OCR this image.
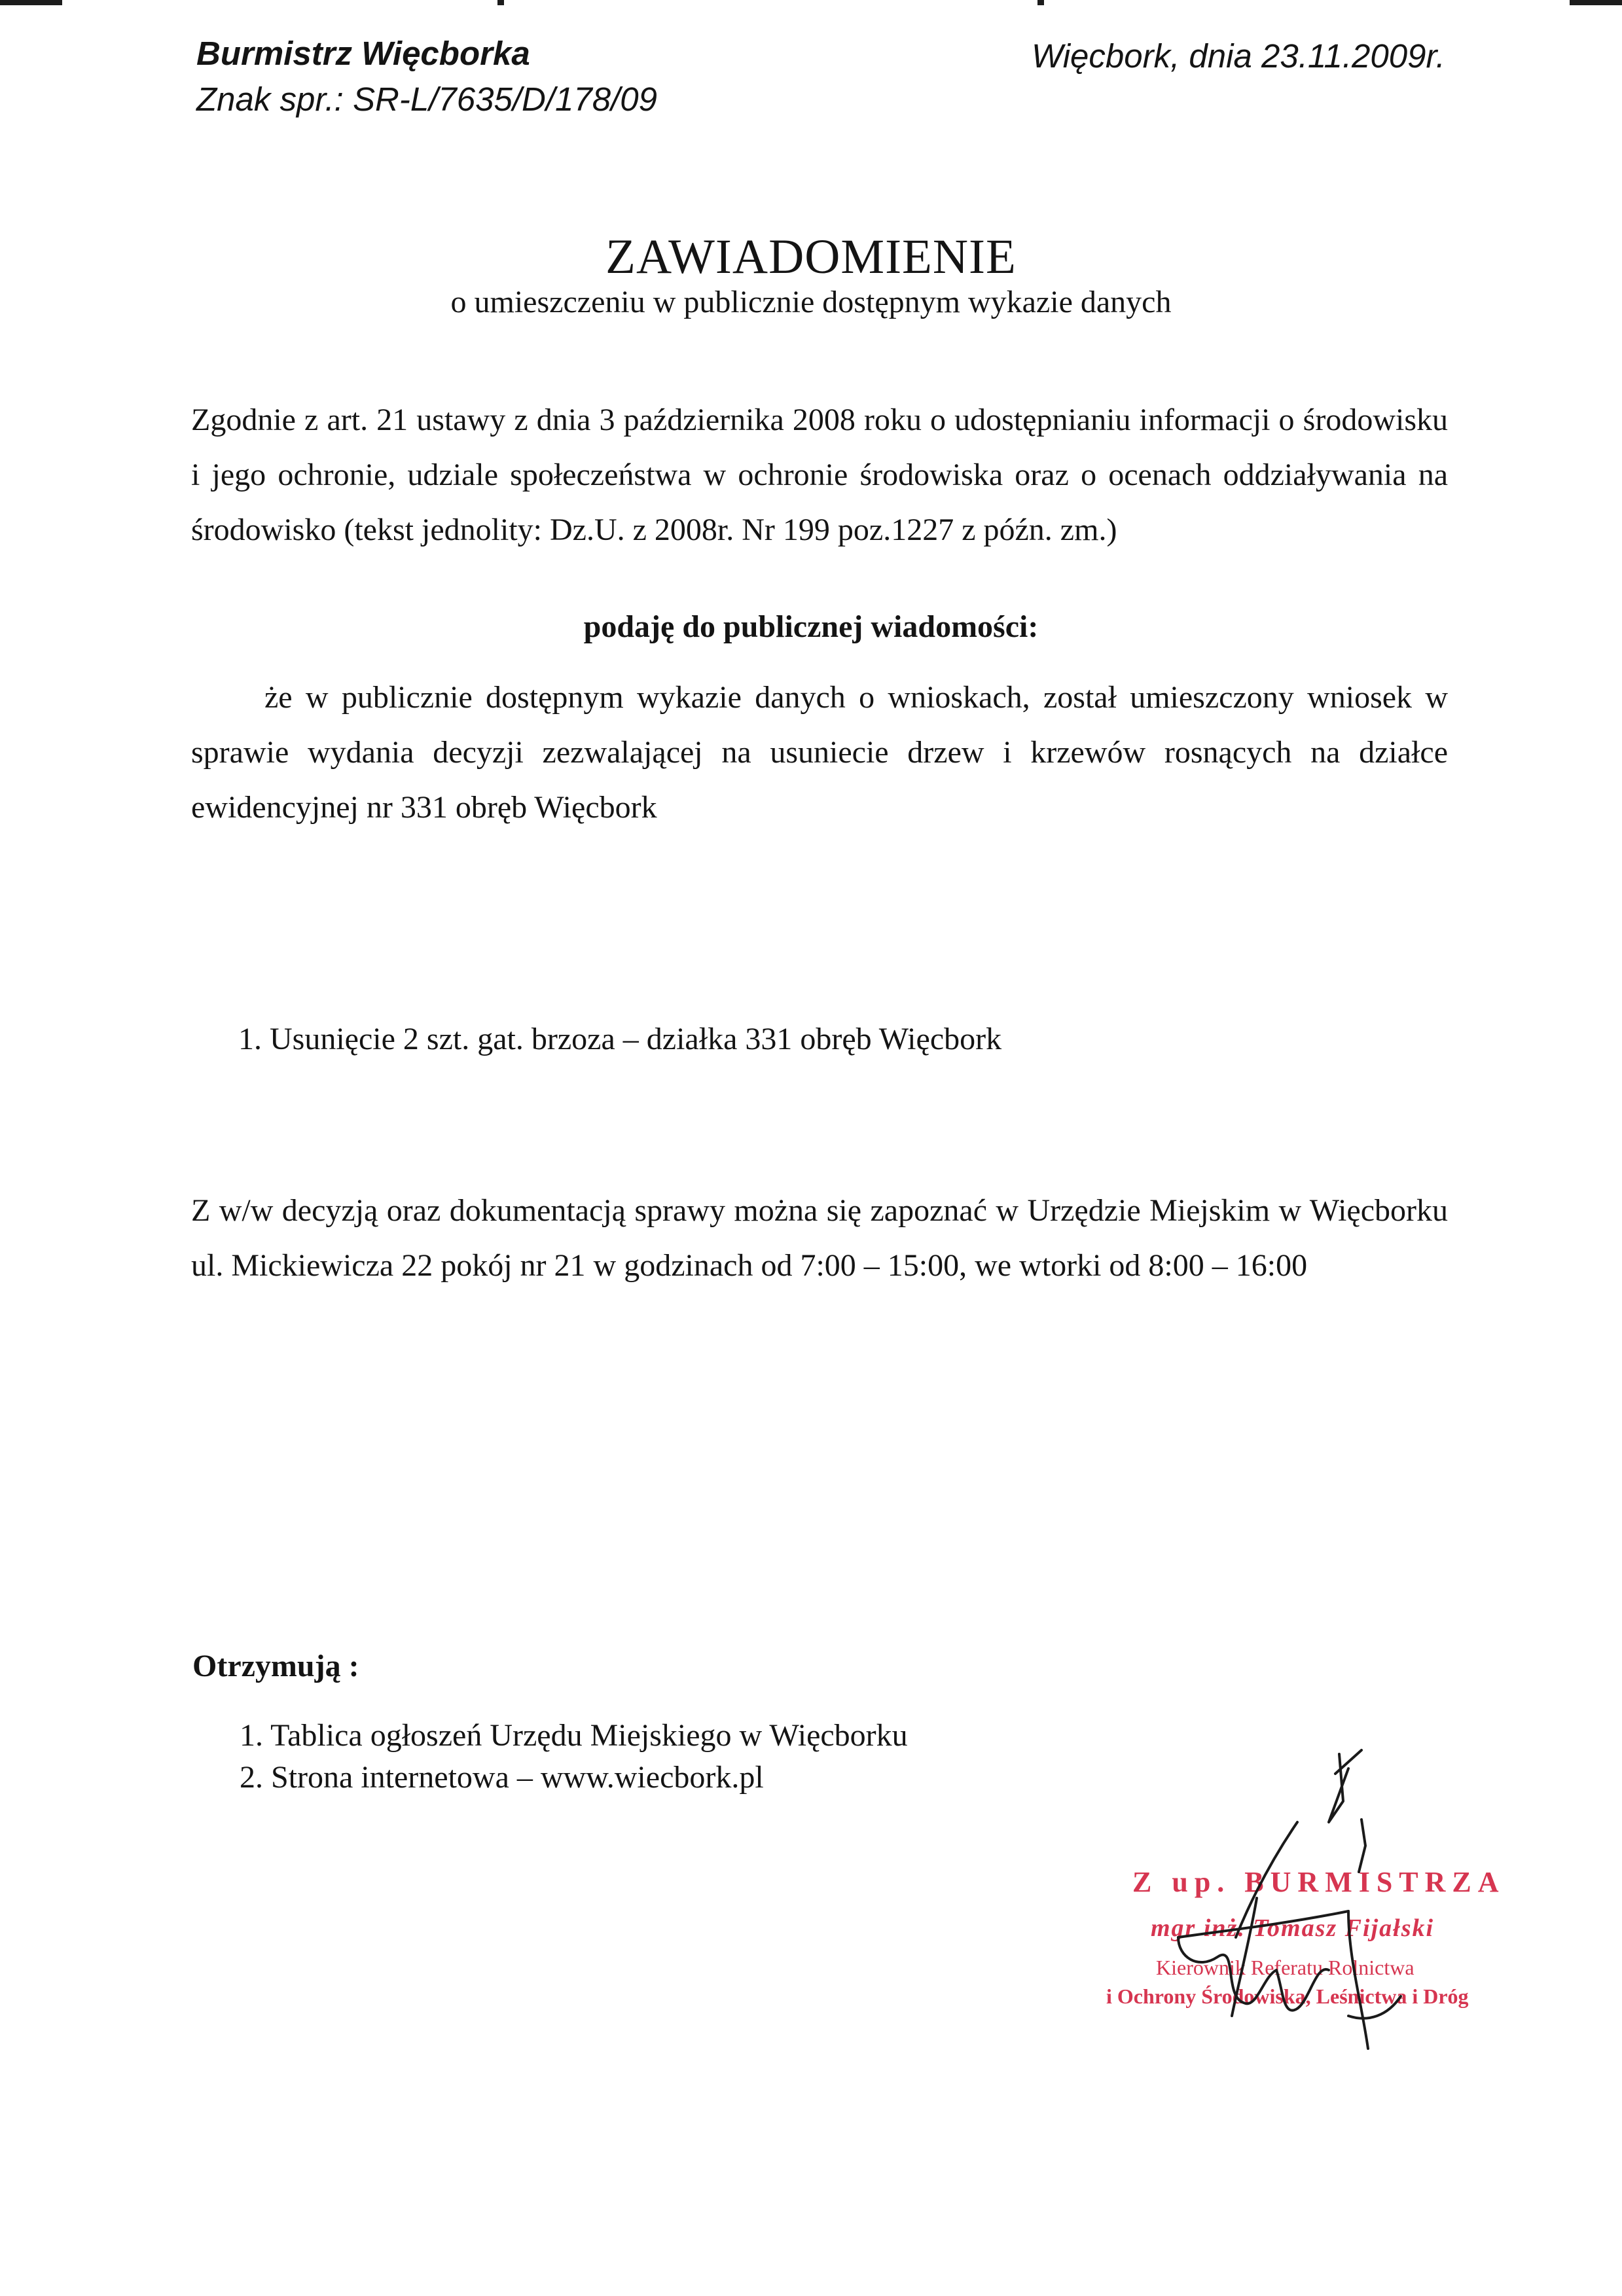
Burmistrz Więcborka
Znak spr.: SR-L/7635/D/178/09
Więcbork, dnia 23.11.2009r.
ZAWIADOMIENIE
o umieszczeniu w publicznie dostępnym wykazie danych
Zgodnie z art. 21 ustawy z dnia 3 października 2008 roku o udostępnianiu informacji o środowisku i jego ochronie, udziale społeczeństwa w ochronie środowiska oraz o ocenach oddziaływania na środowisko (tekst jednolity: Dz.U. z 2008r. Nr 199 poz.1227 z późn. zm.)
podaję do publicznej wiadomości:
że w publicznie dostępnym wykazie danych o wnioskach, został umieszczony wniosek w sprawie wydania decyzji zezwalającej na usuniecie drzew i krzewów rosnących na działce ewidencyjnej nr 331 obręb Więcbork
1. Usunięcie 2 szt. gat. brzoza – działka 331 obręb Więcbork
Z w/w decyzją oraz dokumentacją sprawy można się zapoznać w Urzędzie Miejskim w Więcborku ul. Mickiewicza 22 pokój nr 21 w godzinach od 7:00 – 15:00, we wtorki od 8:00 – 16:00
Otrzymują :
1. Tablica ogłoszeń Urzędu Miejskiego w Więcborku
2. Strona internetowa – www.wiecbork.pl
Z up. BURMISTRZA
mgr inż. Tomasz Fijałski
Kierownik Referatu Rolnictwa
i Ochrony Środowiska, Leśnictwa i Dróg
